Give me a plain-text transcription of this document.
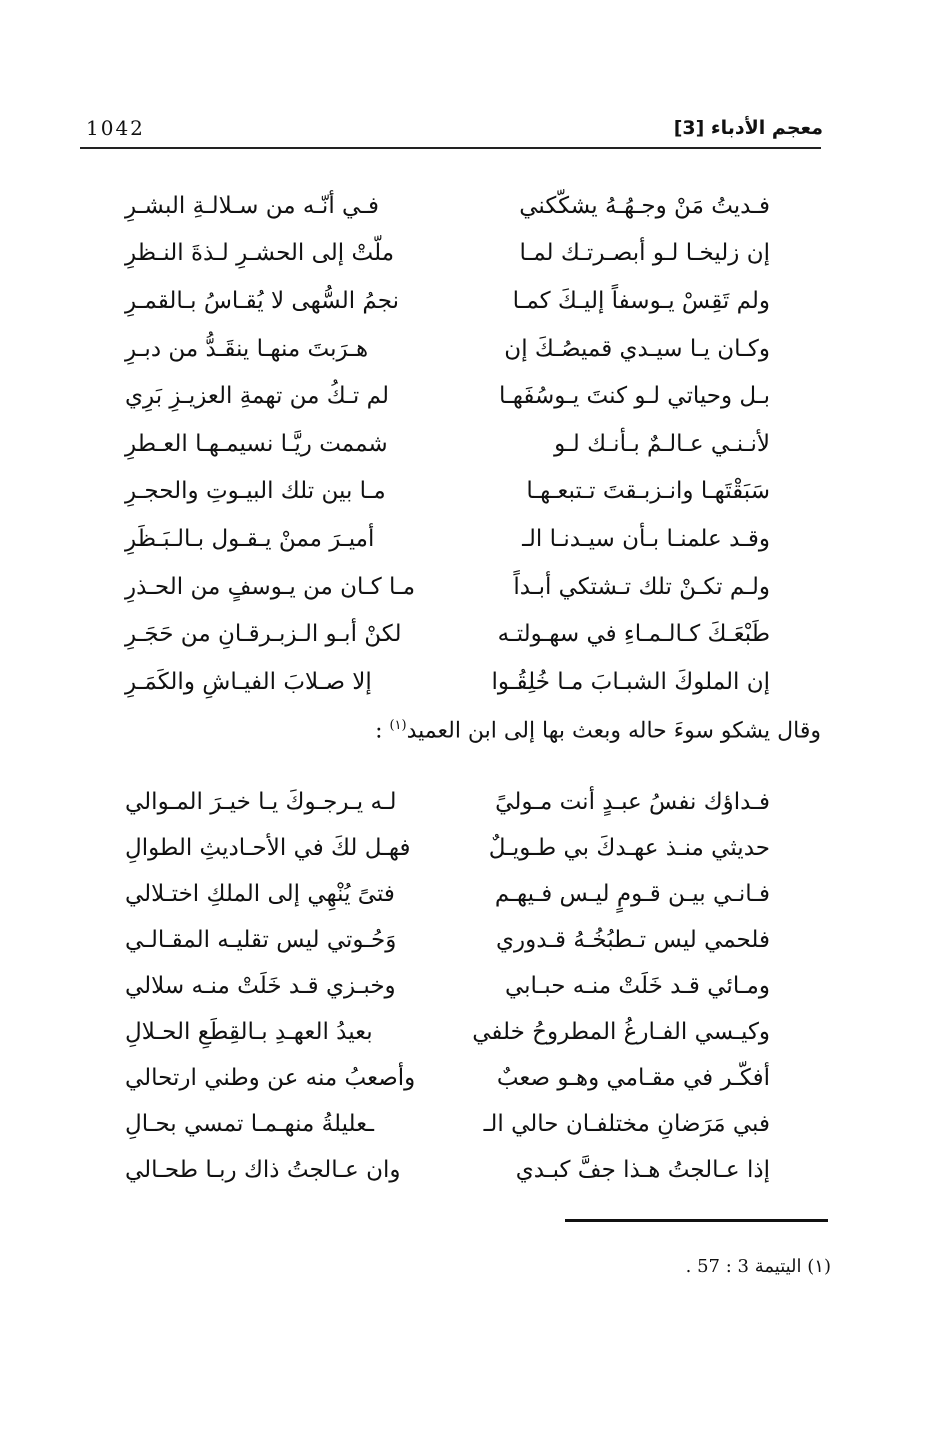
معجم الأدباء [3]
1042
فـديتُ مَنْ وجـهُـهُ يشكّكني
فـي أنّـه من سـلالـةِ البشـرِ
إن زليخـا لـو أبصـرتـك لمـا
ملّتْ إلى الحشـرِ لـذةَ النـظرِ
ولم تَقِسْ يـوسفاً إليـكَ كمـا
نجمُ السُّهى لا يُقـاسُ بـالقمـرِ
وكـان يـا سيـدي قميصُـكَ إن
هـرَبتَ منهـا ينقَـدُّ من دبـرِ
بـل وحياتي لـو كنتَ يـوسُفَهـا
لم تـكُ من تهمةِ العزيـزِ بَرِي
لأنـنـي عـالـمٌ بـأنـك لـو
شممت ريَّـا نسيمـهـا العـطرِ
سَبَقْتَهـا وانـزبـقتَ تـتبعـهـا
مـا بين تلك البيـوتِ والحجـرِ
وقـد علمنـا بـأن سيـدنـا الـ
أميـرَ ممنْ يـقـول بـالـبَـظَرِ
ولـم تكـنْ تلك تـشتكي أبـداً
مـا كـان من يـوسفٍ من الحـذرِ
طَبْعَـكَ كـالـمـاءِ في سهـولتـه
لكنْ أبـو الـزبـرقـانِ من حَجَـرِ
إن الملوكَ الشبـابَ مـا خُلِقُـوا
إلا صـلابَ الفيـاشِ والكَمَـرِ
وقال يشكو سوءَ حاله وبعث بها إلى ابن العميد$^{(١)}$ :
فـداؤك نفسُ عبـدٍ أنت مـوليً
لـه يـرجـوكَ يـا خيـرَ المـوالي
حديثي منـذ عهـدكَ بي طـويـلٌ
فهـل لكَ في الأحـاديثِ الطوالِ
فـانـي بيـن قـومٍ ليـس فـيهـم
فتىً يُنْهِي إلى الملكِ اختـلالي
فلحمي ليس تـطبُخُـهُ قـدوري
وَحُـوتي ليس تقليـه المقـالـي
ومـائي قـد خَلَتْ منـه حبـابي
وخبـزي قـد خَلَتْ منـه سلالي
وكيـسي الفـارغُ المطروحُ خلفي
بعيدُ العهـدِ بـالقِطَعِ الحـلالِ
أفكّـر في مقـامي وهـو صعبٌ
وأصعبُ منه عن وطني ارتحالي
فبي مَرَضانِ مختلفـان حالي الـ
ـعليلةُ منهـمـا تمسي بحـالِ
إذا عـالجتُ هـذا جفَّ كبـدي
وان عـالجتُ ذاك ربـا طحـالي
(١) اليتيمة 3 : 57 .
